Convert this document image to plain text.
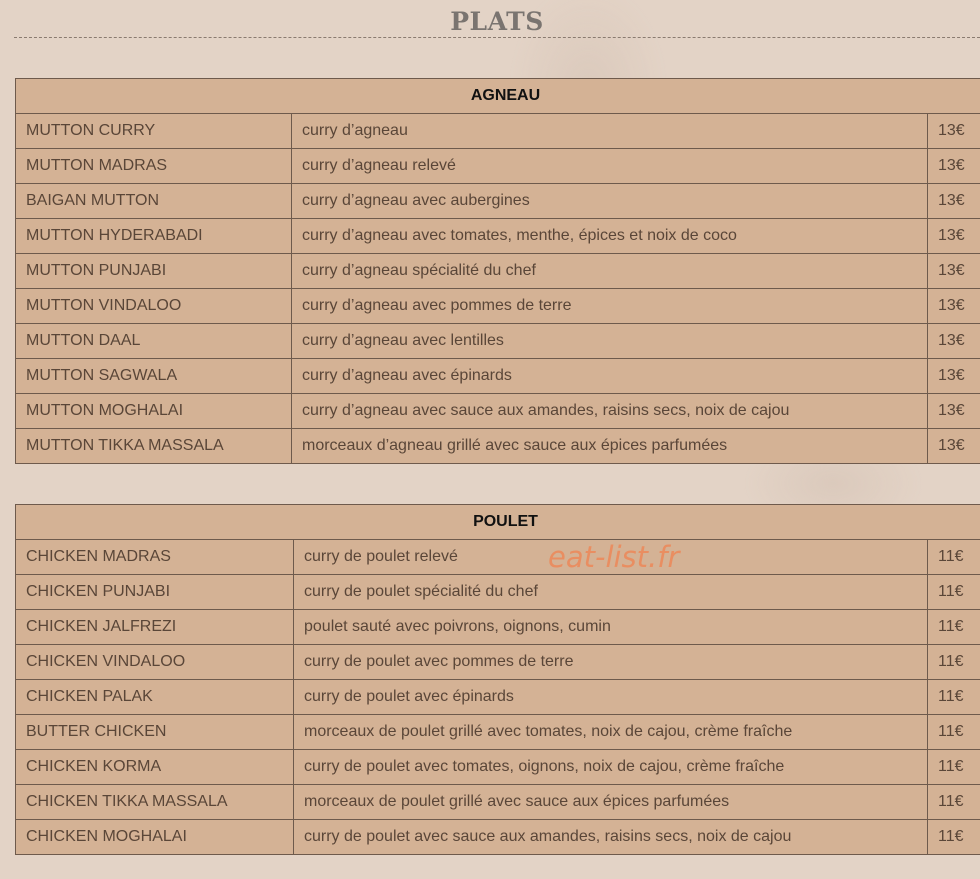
PLATS
AGNEAU		
MUTTON CURRY	curry d’agneau	13€
MUTTON MADRAS	curry d’agneau relevé	13€
BAIGAN MUTTON	curry d’agneau avec aubergines	13€
MUTTON HYDERABADI	curry d’agneau avec tomates, menthe, épices et noix de coco	13€
MUTTON PUNJABI	curry d’agneau spécialité du chef	13€
MUTTON VINDALOO	curry d’agneau avec pommes de terre	13€
MUTTON DAAL	curry d’agneau avec lentilles	13€
MUTTON SAGWALA	curry d’agneau avec épinards	13€
MUTTON MOGHALAI	curry d’agneau avec sauce aux amandes, raisins secs, noix de cajou	13€
MUTTON TIKKA MASSALA	morceaux d’agneau grillé avec sauce aux épices parfumées	13€
POULET		
CHICKEN MADRAS	curry de poulet relevé	11€
CHICKEN PUNJABI	curry de poulet spécialité du chef	11€
CHICKEN JALFREZI	poulet sauté avec poivrons, oignons, cumin	11€
CHICKEN VINDALOO	curry de poulet avec pommes de terre	11€
CHICKEN PALAK	curry de poulet avec épinards	11€
BUTTER CHICKEN	morceaux de poulet grillé avec tomates, noix de cajou, crème fraîche	11€
CHICKEN KORMA	curry de poulet avec tomates, oignons, noix de cajou, crème fraîche	11€
CHICKEN TIKKA MASSALA	morceaux de poulet grillé avec sauce aux épices parfumées	11€
CHICKEN MOGHALAI	curry de poulet avec sauce aux amandes, raisins secs, noix de cajou	11€
eat-list.fr
